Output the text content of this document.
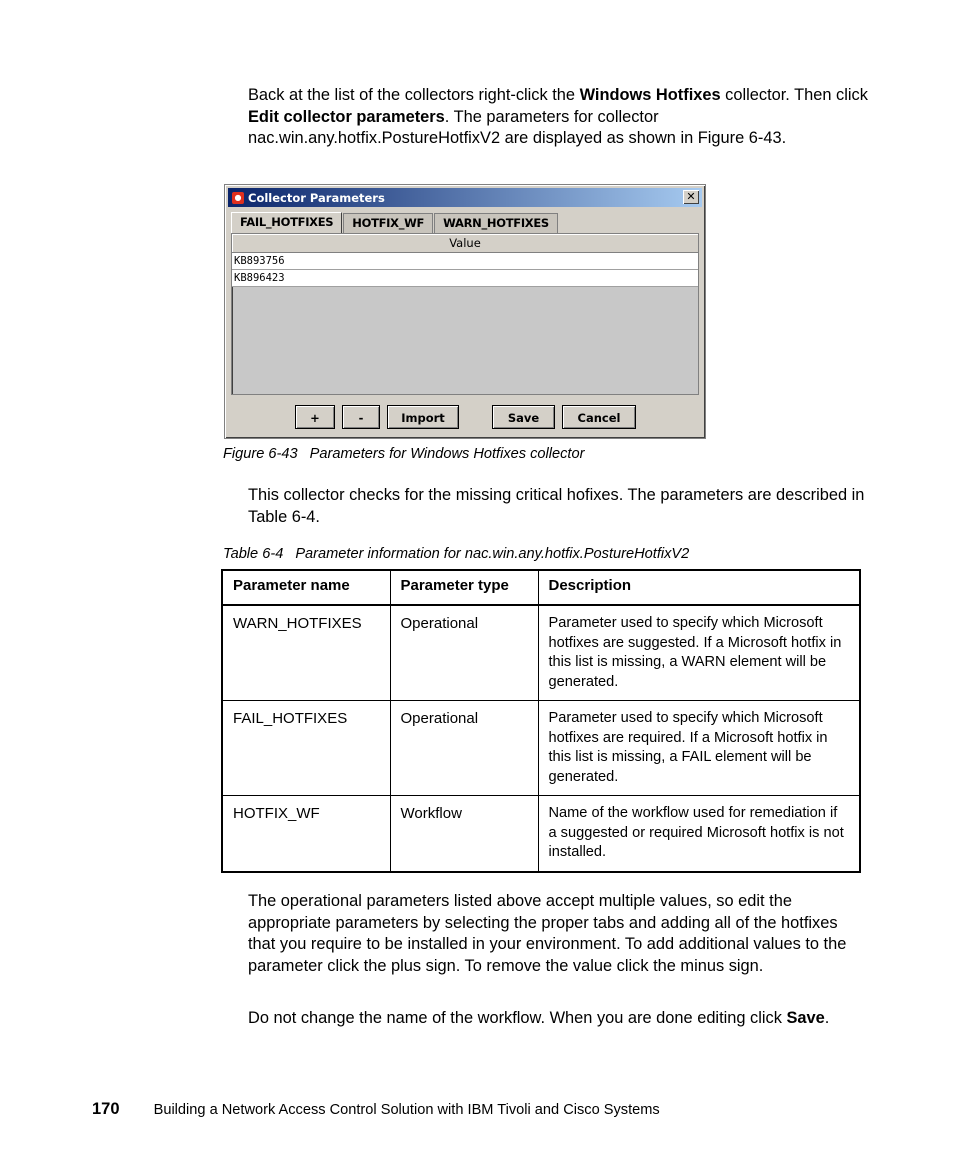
Back at the list of the collectors right-click the Windows Hotfixes collector. Then click Edit collector parameters. The parameters for collector nac.win.any.hotfix.PostureHotfixV2 are displayed as shown in Figure 6-43.

● Collector Parameters	✕
FAIL_HOTFIXES	HOTFIX_WF	WARN_HOTFIXES
Value
KB893756
KB896423
+	-	Import	Save	Cancel

Figure 6-43 Parameters for Windows Hotfixes collector

This collector checks for the missing critical hofixes. The parameters are described in Table 6-4.

Table 6-4 Parameter information for nac.win.any.hotfix.PostureHotfixV2

Parameter name	Parameter type	Description
WARN_HOTFIXES	Operational	Parameter used to specify which Microsoft hotfixes are suggested. If a Microsoft hotfix in this list is missing, a WARN element will be generated.
FAIL_HOTFIXES	Operational	Parameter used to specify which Microsoft hotfixes are required. If a Microsoft hotfix in this list is missing, a FAIL element will be generated.
HOTFIX_WF	Workflow	Name of the workflow used for remediation if a suggested or required Microsoft hotfix is not installed.

The operational parameters listed above accept multiple values, so edit the appropriate parameters by selecting the proper tabs and adding all of the hotfixes that you require to be installed in your environment. To add additional values to the parameter click the plus sign. To remove the value click the minus sign.

Do not change the name of the workflow. When you are done editing click Save.

170 Building a Network Access Control Solution with IBM Tivoli and Cisco Systems
